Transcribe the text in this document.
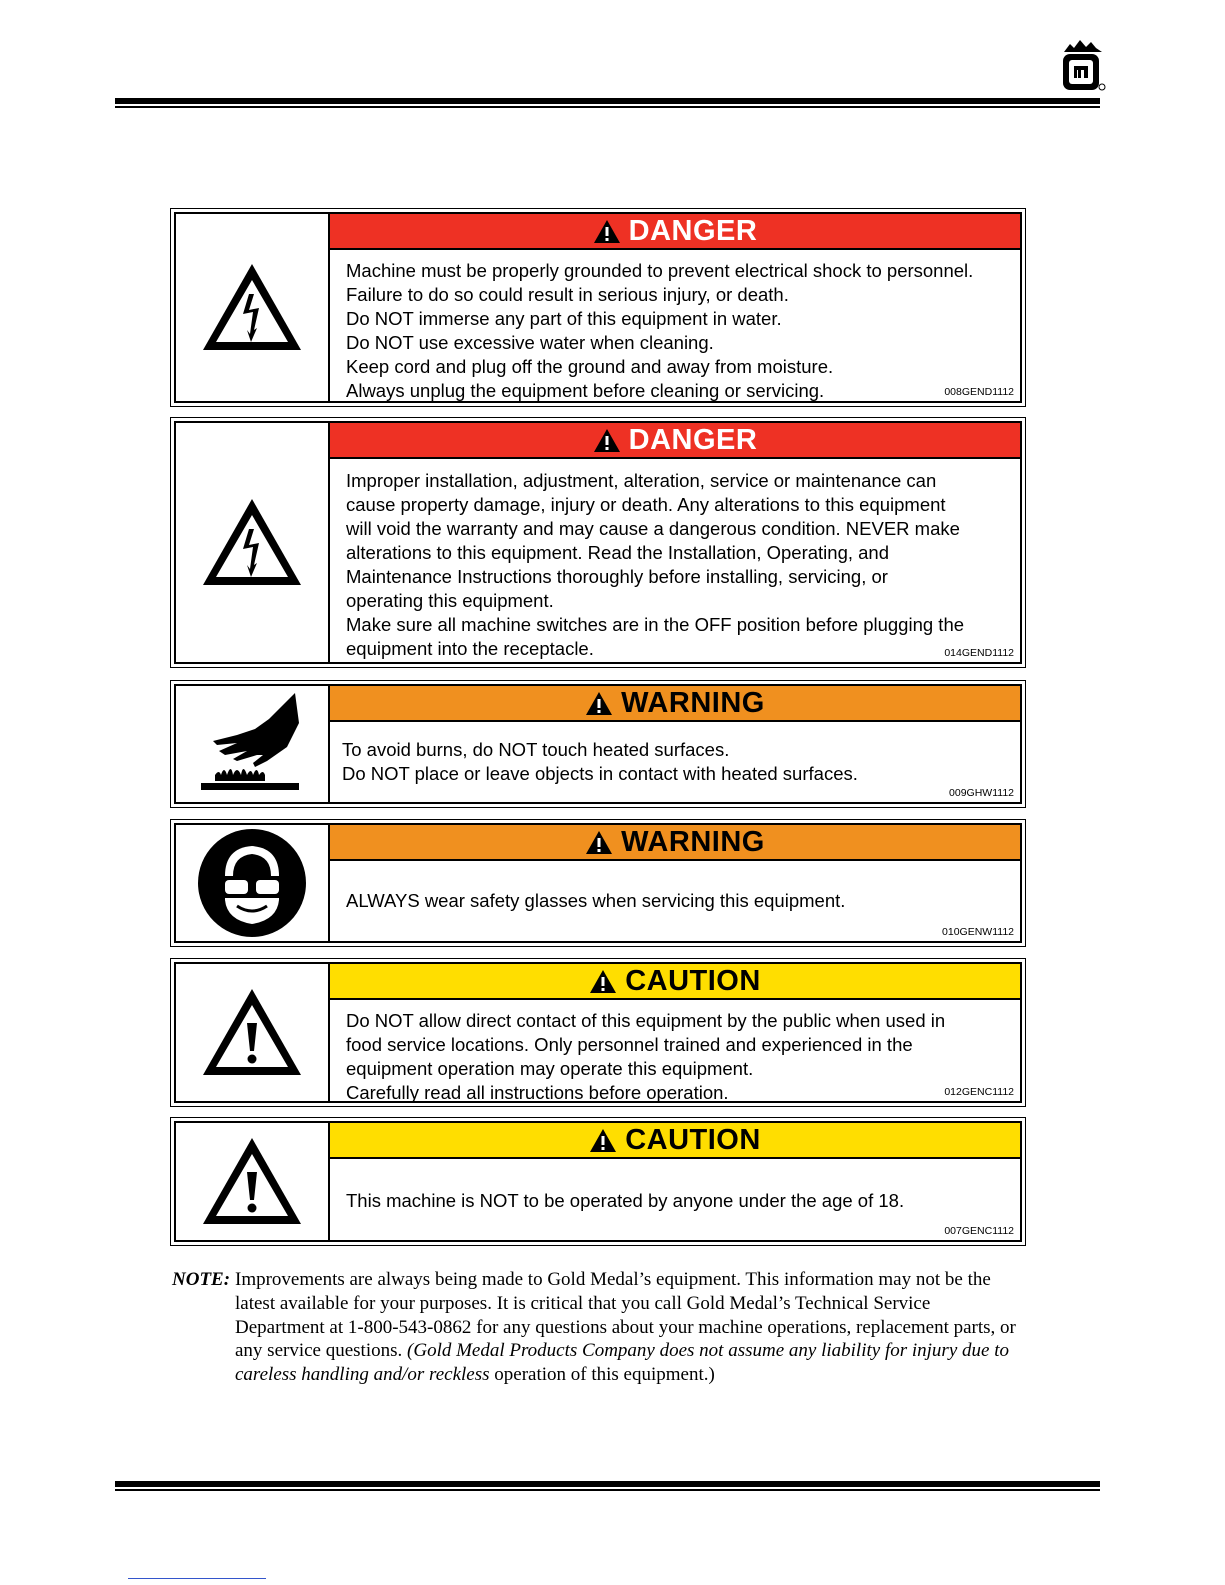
DANGER

Machine must be properly grounded to prevent electrical shock to personnel.

Failure to do so could result in serious injury, or death.

Do NOT immerse any part of this equipment in water.

Do NOT use excessive water when cleaning.

Keep cord and plug off the ground and away from moisture.

Always unplug the equipment before cleaning or servicing.	008GEND1112
DANGER

Improper installation, adjustment, alteration, service or maintenance can

cause property damage, injury or death. Any alterations to this equipment

will void the warranty and may cause a dangerous condition. NEVER make

alterations to this equipment. Read the Installation, Operating, and

Maintenance Instructions thoroughly before installing, servicing, or

operating this equipment.

Make sure all machine switches are in the OFF position before plugging the

equipment into the receptacle.	014GEND1112
WARNING

To avoid burns, do NOT touch heated surfaces.

Do NOT place or leave objects in contact with heated surfaces.

009GHW1112
WARNING

ALWAYS wear safety glasses when servicing this equipment.

010GENW1112
CAUTION

Do NOT allow direct contact of this equipment by the public when used in

food service locations. Only personnel trained and experienced in the

equipment operation may operate this equipment.

Carefully read all instructions before operation.	012GENC1112
CAUTION

This machine is NOT to be operated by anyone under the age of 18.

007GENC1112
NOTE: Improvements are always being made to Gold Medal’s equipment. This information may not be the latest available for your purposes. It is critical that you call Gold Medal’s Technical Service Department at 1-800-543-0862 for any questions about your machine operations, replacement parts, or any service questions. (Gold Medal Products Company does not assume any liability for injury due to careless handling and/or reckless operation of this equipment.)
